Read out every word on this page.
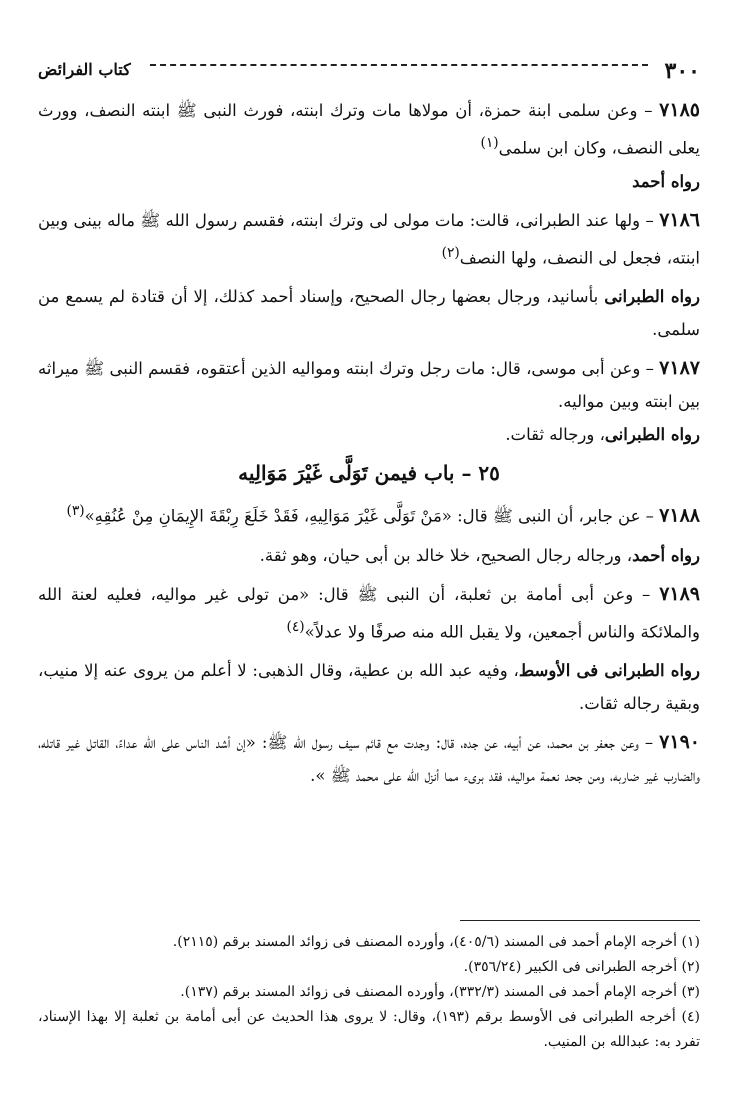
٣٠٠
كتاب الفرائض

٧١٨٥ – وعن سلمى ابنة حمزة، أن مولاها مات وترك ابنته، فورث النبى ﷺ ابنته النصف، وورث يعلى النصف، وكان ابن سلمى$^{(١)}$

رواه أحمد

٧١٨٦ – ولها عند الطبرانى، قالت: مات مولى لى وترك ابنته، فقسم رسول الله ﷺ ماله بينى وبين ابنته، فجعل لى النصف، ولها النصف$^{(٢)}$

رواه الطبرانى بأسانيد، ورجال بعضها رجال الصحيح، وإسناد أحمد كذلك، إلا أن قتادة لم يسمع من سلمى.

٧١٨٧ – وعن أبى موسى، قال: مات رجل وترك ابنته ومواليه الذين أعتقوه، فقسم النبى ﷺ ميراثه بين ابنته وبين مواليه.

رواه الطبرانى، ورجاله ثقات.

٢٥ – باب فيمن تَوَلَّى غَيْرَ مَوَالِيه

٧١٨٨ – عن جابر، أن النبى ﷺ قال: «مَنْ تَوَلَّى غَيْرَ مَوَالِيهِ، فَقَدْ خَلَعَ رِبْقَةَ الإِيمَانِ مِنْ عُنُقِهِ»$^{(٣)}$

رواه أحمد، ورجاله رجال الصحيح، خلا خالد بن أبى حيان، وهو ثقة.

٧١٨٩ – وعن أبى أمامة بن ثعلبة، أن النبى ﷺ قال: «من تولى غير مواليه، فعليه لعنة الله والملائكة والناس أجمعين، ولا يقبل الله منه صرفًا ولا عدلاً»$^{(٤)}$

رواه الطبرانى فى الأوسط، وفيه عبد الله بن عطية، وقال الذهبى: لا أعلم من يروى عنه إلا منيب، وبقية رجاله ثقات.

٧١٩٠ – وعن جعفر بن محمد، عن أبيه، عن جده، قال: وجدت مع قائم سيف رسول الله ﷺ: «إن أشد الناس على الله عداءً، القاتل غير قاتله، والضارب غير ضاربه، ومن جحد نعمة مواليه، فقد برىء مما أنزل الله على محمد ﷺ ».

(١) أخرجه الإمام أحمد فى المسند (٤٠٥/٦)، وأورده المصنف فى زوائد المسند برقم (٢١١٥).

(٢) أخرجه الطبرانى فى الكبير (٣٥٦/٢٤).

(٣) أخرجه الإمام أحمد فى المسند (٣٣٢/٣)، وأورده المصنف فى زوائد المسند برقم (١٣٧).

(٤) أخرجه الطبرانى فى الأوسط برقم (١٩٣)، وقال: لا يروى هذا الحديث عن أبى أمامة بن ثعلبة إلا بهذا الإسناد، تفرد به: عبدالله بن المنيب.
